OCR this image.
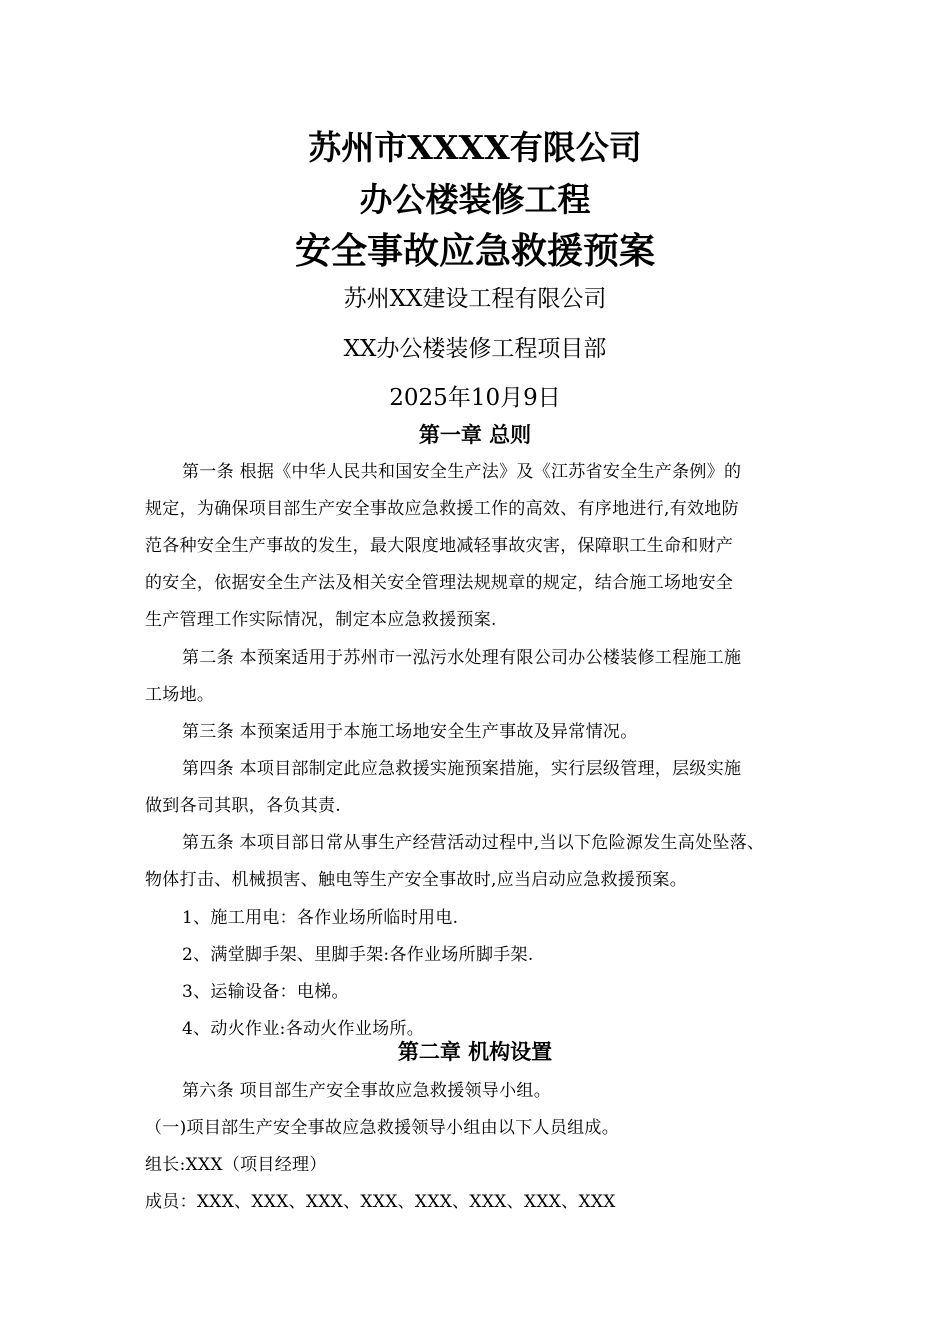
苏州市XXXX有限公司
办公楼装修工程
安全事故应急救援预案
苏州XX建设工程有限公司
XX办公楼装修工程项目部
2025年10月9日
第一章 总则
第一条 根据《中华人民共和国安全生产法》及《江苏省安全生产条例》的
规定，为确保项目部生产安全事故应急救援工作的高效、有序地进行,有效地防
范各种安全生产事故的发生，最大限度地减轻事故灾害，保障职工生命和财产
的安全，依据安全生产法及相关安全管理法规规章的规定，结合施工场地安全
生产管理工作实际情况，制定本应急救援预案.
第二条 本预案适用于苏州市一泓污水处理有限公司办公楼装修工程施工施
工场地。
第三条 本预案适用于本施工场地安全生产事故及异常情况。
第四条 本项目部制定此应急救援实施预案措施，实行层级管理，层级实施
做到各司其职，各负其责.
第五条 本项目部日常从事生产经营活动过程中,当以下危险源发生高处坠落、
物体打击、机械损害、触电等生产安全事故时,应当启动应急救援预案。
1、施工用电：各作业场所临时用电.
2、满堂脚手架、里脚手架:各作业场所脚手架.
3、运输设备：电梯。
4、动火作业:各动火作业场所。
第二章 机构设置
第六条 项目部生产安全事故应急救援领导小组。
（一)项目部生产安全事故应急救援领导小组由以下人员组成。
组长:XXX（项目经理）
成员：XXX、XXX、XXX、XXX、XXX、XXX、XXX、XXX
